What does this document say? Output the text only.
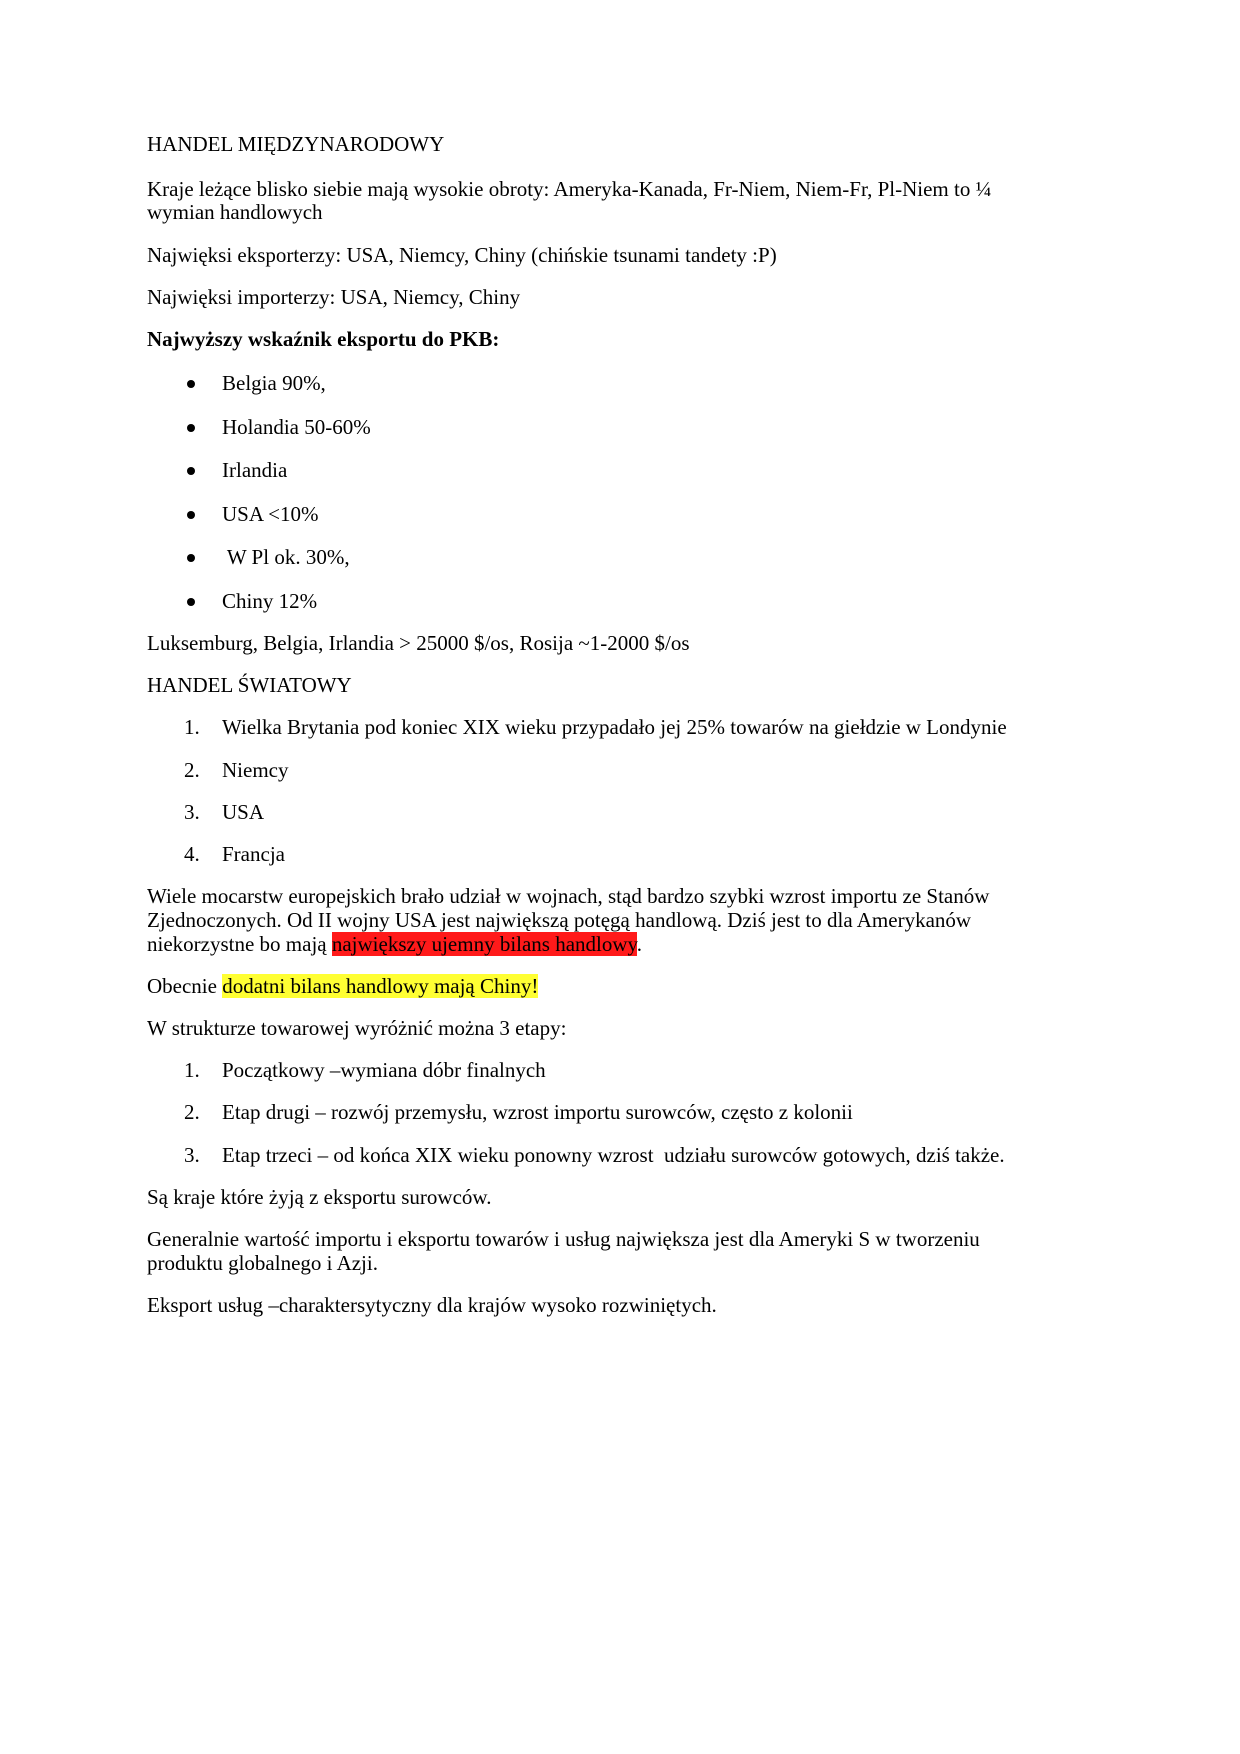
HANDEL MIĘDZYNARODOWY
Kraje leżące blisko siebie mają wysokie obroty: Ameryka-Kanada, Fr-Niem, Niem-Fr, Pl-Niem to ¼
wymian handlowych
Najwięksi eksporterzy: USA, Niemcy, Chiny (chińskie tsunami tandety :P)
Najwięksi importerzy: USA, Niemcy, Chiny
Najwyższy wskaźnik eksportu do PKB:
Belgia 90%,
Holandia 50-60%
Irlandia
USA <10%
W Pl ok. 30%,
Chiny 12%
Luksemburg, Belgia, Irlandia > 25000 $/os, Rosija ~1-2000 $/os
HANDEL ŚWIATOWY
1. Wielka Brytania pod koniec XIX wieku przypadało jej 25% towarów na giełdzie w Londynie
2. Niemcy
3. USA
4. Francja
Wiele mocarstw europejskich brało udział w wojnach, stąd bardzo szybki wzrost importu ze Stanów
Zjednoczonych. Od II wojny USA jest największą potęgą handlową. Dziś jest to dla Amerykanów
niekorzystne bo mają największy ujemny bilans handlowy.
Obecnie dodatni bilans handlowy mają Chiny!
W strukturze towarowej wyróżnić można 3 etapy:
1. Początkowy –wymiana dóbr finalnych
2. Etap drugi – rozwój przemysłu, wzrost importu surowców, często z kolonii
3. Etap trzeci – od końca XIX wieku ponowny wzrost  udziału surowców gotowych, dziś także.
Są kraje które żyją z eksportu surowców.
Generalnie wartość importu i eksportu towarów i usług największa jest dla Ameryki S w tworzeniu
produktu globalnego i Azji.
Eksport usług –charaktersytyczny dla krajów wysoko rozwiniętych.
